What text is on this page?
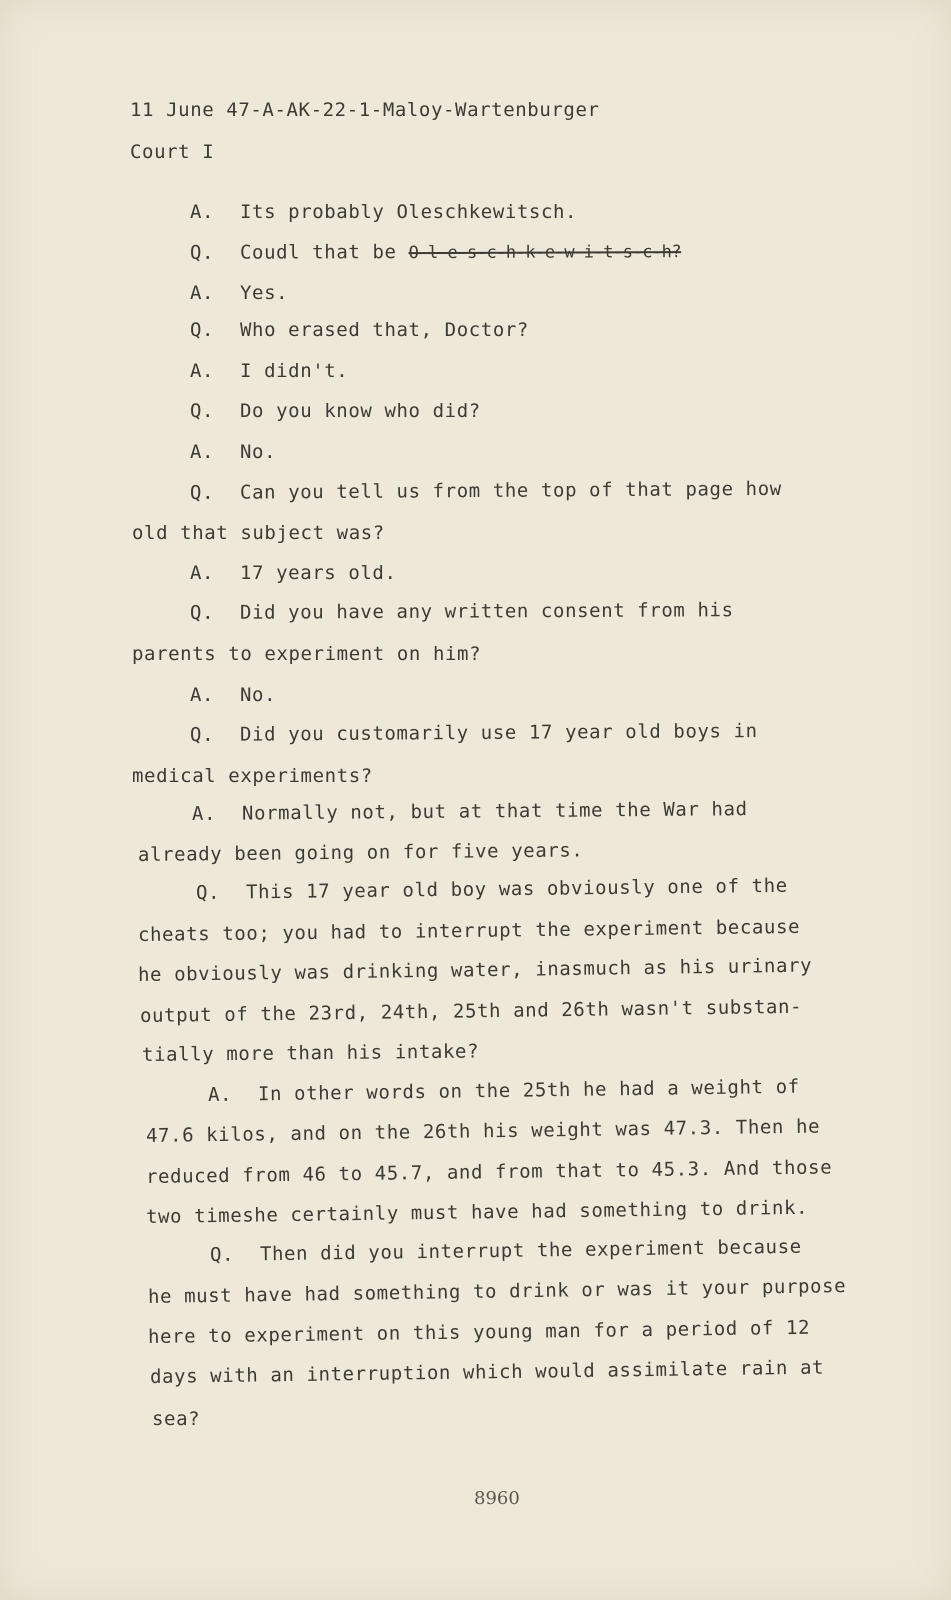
11 June 47-A-AK-22-1-Maloy-Wartenburger
Court I
A. Its probably Oleschkewitsch.
Q. Coudl that be O-l-e-s-c-h-k-e-w-i-t-s-c-h?
A. Yes.
Q. Who erased that, Doctor?
A. I didn't.
Q. Do you know who did?
A. No.
Q. Can you tell us from the top of that page how
old that subject was?
A. 17 years old.
Q. Did you have any written consent from his
parents to experiment on him?
A. No.
Q. Did you customarily use 17 year old boys in
medical experiments?
A. Normally not, but at that time the War had
already been going on for five years.
Q. This 17 year old boy was obviously one of the
cheats too; you had to interrupt the experiment because
he obviously was drinking water, inasmuch as his urinary
output of the 23rd, 24th, 25th and 26th wasn't substan-
tially more than his intake?
A. In other words on the 25th he had a weight of
47.6 kilos, and on the 26th his weight was 47.3. Then he
reduced from 46 to 45.7, and from that to 45.3. And those
two timeshe certainly must have had something to drink.
Q. Then did you interrupt the experiment because
he must have had something to drink or was it your purpose
here to experiment on this young man for a period of 12
days with an interruption which would assimilate rain at
sea?
8960
